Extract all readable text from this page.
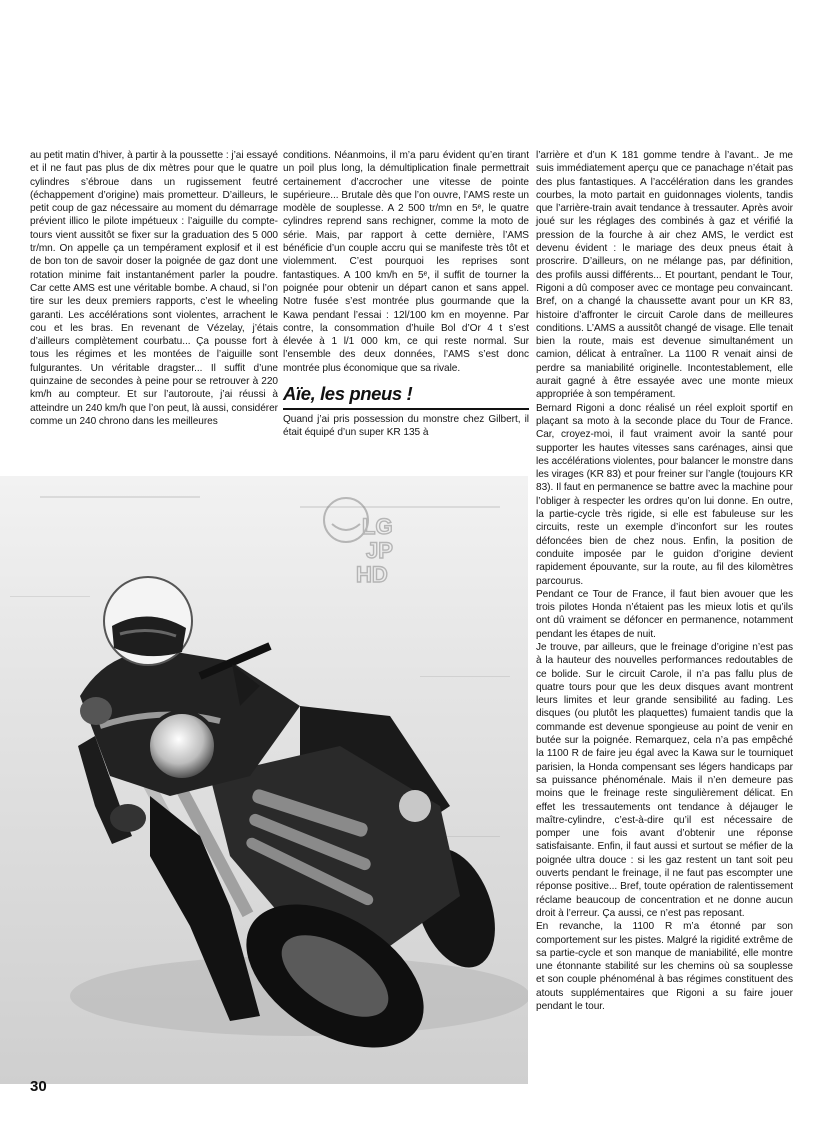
au petit matin d’hiver, à partir à la poussette : j’ai essayé et il ne faut pas plus de dix mètres pour que le quatre cylindres s’ébroue dans un rugissement feutré (échappement d’origine) mais prometteur. D’ailleurs, le petit coup de gaz nécessaire au moment du démarrage prévient illico le pilote impétueux : l’aiguille du compte-tours vient aussitôt se fixer sur la graduation des 5 000 tr/mn. On appelle ça un tempérament explosif et il est de bon ton de savoir doser la poignée de gaz dont une rotation minime fait instantanément parler la poudre. Car cette AMS est une véritable bombe. A chaud, si l’on tire sur les deux premiers rapports, c’est le wheeling garanti. Les accélérations sont violentes, arrachent le cou et les bras. En revenant de Vézelay, j’étais d’ailleurs complètement courbatu... Ça pousse fort à tous les régimes et les montées de l’aiguille sont fulgurantes. Un véritable dragster... Il suffit d’une quinzaine de secondes à peine pour se retrouver à 220 km/h au compteur. Et sur l’autoroute, j’ai réussi à atteindre un 240 km/h que l’on peut, là aussi, considérer comme un 240 chrono dans les meilleures

conditions. Néanmoins, il m’a paru évident qu’en tirant un poil plus long, la démultiplication finale permettrait certainement d’accrocher une vitesse de pointe supérieure... Brutale dès que l’on ouvre, l’AMS reste un modèle de souplesse. A 2 500 tr/mn en 5ᵉ, le quatre cylindres reprend sans rechigner, comme la moto de série. Mais, par rapport à cette dernière, l’AMS bénéficie d’un couple accru qui se manifeste très tôt et violemment. C’est pourquoi les reprises sont fantastiques. A 100 km/h en 5ᵉ, il suffit de tourner la poignée pour obtenir un départ canon et sans appel. Notre fusée s’est montrée plus gourmande que la Kawa pendant l’essai : 12l/100 km en moyenne. Par contre, la consommation d’huile Bol d’Or 4 t s’est élevée à 1 l/1 000 km, ce qui reste normal. Sur l’ensemble des deux données, l’AMS s’est donc montrée plus économique que sa rivale.

Aïe, les pneus !

Quand j’ai pris possession du monstre chez Gilbert, il était équipé d’un super KR 135 à

l’arrière et d’un K 181 gomme tendre à l’avant.. Je me suis immédiatement aperçu que ce panachage n’était pas des plus fantastiques. A l’accélération dans les grandes courbes, la moto partait en guidonnages violents, tandis que l’arrière-train avait tendance à tressauter. Après avoir joué sur les réglages des combinés à gaz et vérifié la pression de la fourche à air chez AMS, le verdict est devenu évident : le mariage des deux pneus était à proscrire. D’ailleurs, on ne mélange pas, par définition, des profils aussi différents... Et pourtant, pendant le Tour, Rigoni a dû composer avec ce montage peu convaincant. Bref, on a changé la chaussette avant pour un KR 83, histoire d’affronter le circuit Carole dans de meilleures conditions. L’AMS a aussitôt changé de visage. Elle tenait bien la route, mais est devenue simultanément un camion, délicat à entraîner. La 1100 R venait ainsi de perdre sa maniabilité originelle. Incontestablement, elle aurait gagné à être essayée avec une monte mieux appropriée à son tempérament.

Bernard Rigoni a donc réalisé un réel exploit sportif en plaçant sa moto à la seconde place du Tour de France. Car, croyez-moi, il faut vraiment avoir la santé pour supporter les hautes vitesses sans carénages, ainsi que les accélérations violentes, pour balancer le monstre dans les virages (KR 83) et pour freiner sur l’angle (toujours KR 83). Il faut en permanence se battre avec la machine pour l’obliger à respecter les ordres qu’on lui donne. En outre, la partie-cycle très rigide, si elle est fabuleuse sur les circuits, reste un exemple d’inconfort sur les routes défoncées bien de chez nous. Enfin, la position de conduite imposée par le guidon d’origine devient rapidement épouvante, sur la route, au fil des kilomètres parcourus.

Pendant ce Tour de France, il faut bien avouer que les trois pilotes Honda n’étaient pas les mieux lotis et qu’ils ont dû vraiment se défoncer en permanence, notamment pendant les étapes de nuit.

Je trouve, par ailleurs, que le freinage d’origine n’est pas à la hauteur des nouvelles performances redoutables de ce bolide. Sur le circuit Carole, il n’a pas fallu plus de quatre tours pour que les deux disques avant montrent leurs limites et leur grande sensibilité au fading. Les disques (ou plutôt les plaquettes) fumaient tandis que la commande est devenue spongieuse au point de venir en butée sur la poignée. Remarquez, cela n’a pas empêché la 1100 R de faire jeu égal avec la Kawa sur le tourniquet parisien, la Honda compensant ses légers handicaps par sa puissance phénoménale. Mais il n’en demeure pas moins que le freinage reste singulièrement délicat. En effet les tressautements ont tendance à déjauger le maître-cylindre, c’est-à-dire qu’il est nécessaire de pomper une fois avant d’obtenir une réponse satisfaisante. Enfin, il faut aussi et surtout se méfier de la poignée ultra douce : si les gaz restent un tant soit peu ouverts pendant le freinage, il ne faut pas escompter une réponse positive... Bref, toute opération de ralentissement réclame beaucoup de concentration et ne donne aucun droit à l’erreur. Ça aussi, ce n’est pas reposant.

En revanche, la 1100 R m’a étonné par son comportement sur les pistes. Malgré la rigidité extrême de sa partie-cycle et son manque de maniabilité, elle montre une étonnante stabilité sur les chemins où sa souplesse et son couple phénoménal à bas régimes constituent des atouts supplémentaires que Rigoni a su faire jouer pendant le tour.

LG
JP
HD
30
